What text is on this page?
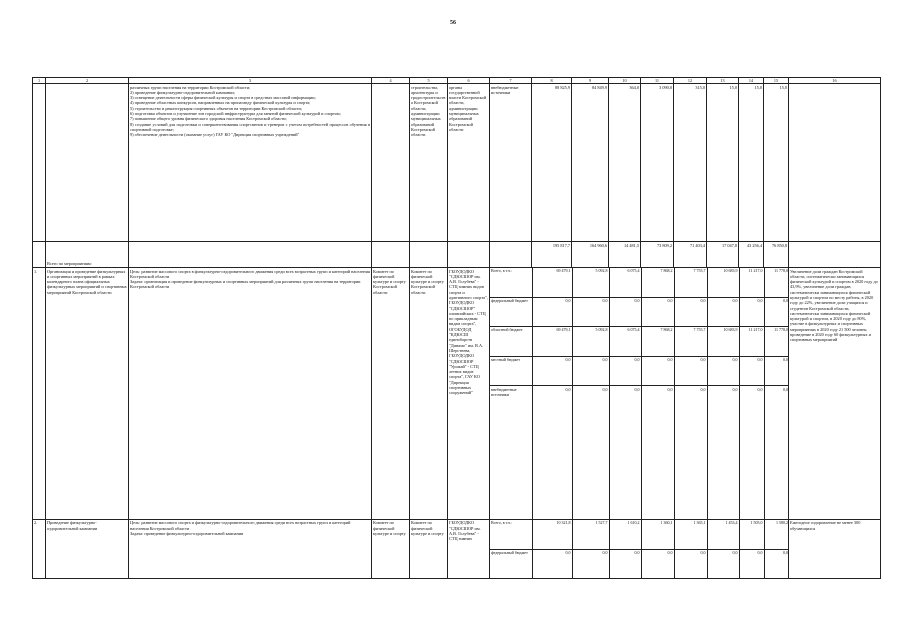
56
1	2	3	4	5	6	7	8	9	10	11	12	13	14	15	16
		различных групп населения на территории Костромской области;
2) проведение физкультурно-оздоровительной кампании;
3) освещение деятельности сферы физической культуры и спорта в средствах массовой информации;
4) проведение областных конкурсов, направленных на пропаганду физической культуры и спорта;
5) строительство и реконструкция спортивных объектов на территории Костромской области;
6) подготовка объектов и улучшение зон городской инфраструктуры для занятий физической культурой и спортом;
7) повышение общего уровня физического здоровья населения Костромской области;
8) создание условий для подготовки и совершенствования спортсменов и тренеров с учетом потребностей процессов обучения в спортивной подготовке;
9) обеспечение деятельности (оказание услуг) ГАУ КО "Дирекция спортивных учреждений"		строительства, архитектуры и градостроительства Костромской области, администрации муниципальных образований Костромской области	органы государственной власти Костромской области, администрации муниципальных образований Костромской области	внебюджетные источники	88 825,9	84 849,9	364,0	3 090,0	315,0	15,0	15,0	15,0	
	Всего по мероприятиям:						195 817,7	164 960,6	14 481,5	73 809,2	71 403,4	17 047,8	43 256,4	76 850,8	
1.	Организация и проведение физкультурных и спортивных мероприятий в рамках календарного плана официальных физкультурных мероприятий и спортивных мероприятий Костромской области	Цель: развитие массового спорта в физкультурно-оздоровительного движения среди всех возрастных групп и категорий населения Костромской области
Задача: организация и проведение физкультурных и спортивных мероприятий для различных групп населения на территории Костромской области	Комитет по физической культуре и спорту Костромской области	Комитет по физической культуре и спорту Костромской области	ГБОУДОДКО "СДЮСШОР им. А.В. Голубева" - СТЦ зимних видов спорта и адаптивного спорта", ГБОУДОДКО "СДЮСШОР" олимпийских - СТЦ по прикладным видам спорта", ОГОБУДОД "КДЮСШ единоборств "Динамо" им. В.А. Шерстнева, ГБОУДОДКО "СДЮСШОР "Урожай" - СТЦ летних видов спорта", ГАУ КО "Дирекция спортивных сооружений"	
Всего, в т.ч.:	69 479,1	5 092,8	6 075,4	7 868,2	7 755,7	10 683,9	11 217,0	11 778,0
федеральный бюджет	0,0	0,0	0,0	0,0	0,0	0,0	0,0	0,0
областной бюджет	69 479,1	5 092,8	6 075,4	7 868,2	7 755,7	10 683,9	11 217,0	11 778,0
местный бюджет	0,0	0,0	0,0	0,0	0,0	0,0	0,0	0,0
внебюджетные источники	0,0	0,0	0,0	0,0	0,0	0,0	0,0	0,0
	Увеличение доли граждан Костромской области, систематически занимающихся физической культурой и спортом в 2020 году до 43,9%, увеличение доли граждан, систематически занимающихся физической культурой и спортом по месту работы, в 2020 году до 22%, увеличение доли учащихся и студентов Костромской области, систематически занимающихся физической культурой и спортом, в 2020 году до 80%, участие в физкультурных и спортивных мероприятиях в 2020 году 21 500 человек; проведение в 2020 году 60 физкультурных и спортивных мероприятий
2.	Проведение физкультурно-оздоровительной кампании	Цель: развитие массового спорта и физкультурно-оздоровительного движения среди всех возрастных групп и категорий населения Костромской области
Задача: проведение физкультурно-оздоровительной кампании	Комитет по физической культуре и спорту	Комитет по физической культуре и спорту	ГБОУДОДКО "СДЮСШОР им. А.В. Голубева" - СТЦ зимних	
Всего, в т.ч.:	10 321,8	1 527,7	1 610,2	1 360,1	1 365,1	1 453,4	1 505,0	1 580,2
федеральный бюджет	0,0	0,0	0,0	0,0	0,0	0,0	0,0	0,0
	Ежегодное оздоровление не менее 300 обучающихся
